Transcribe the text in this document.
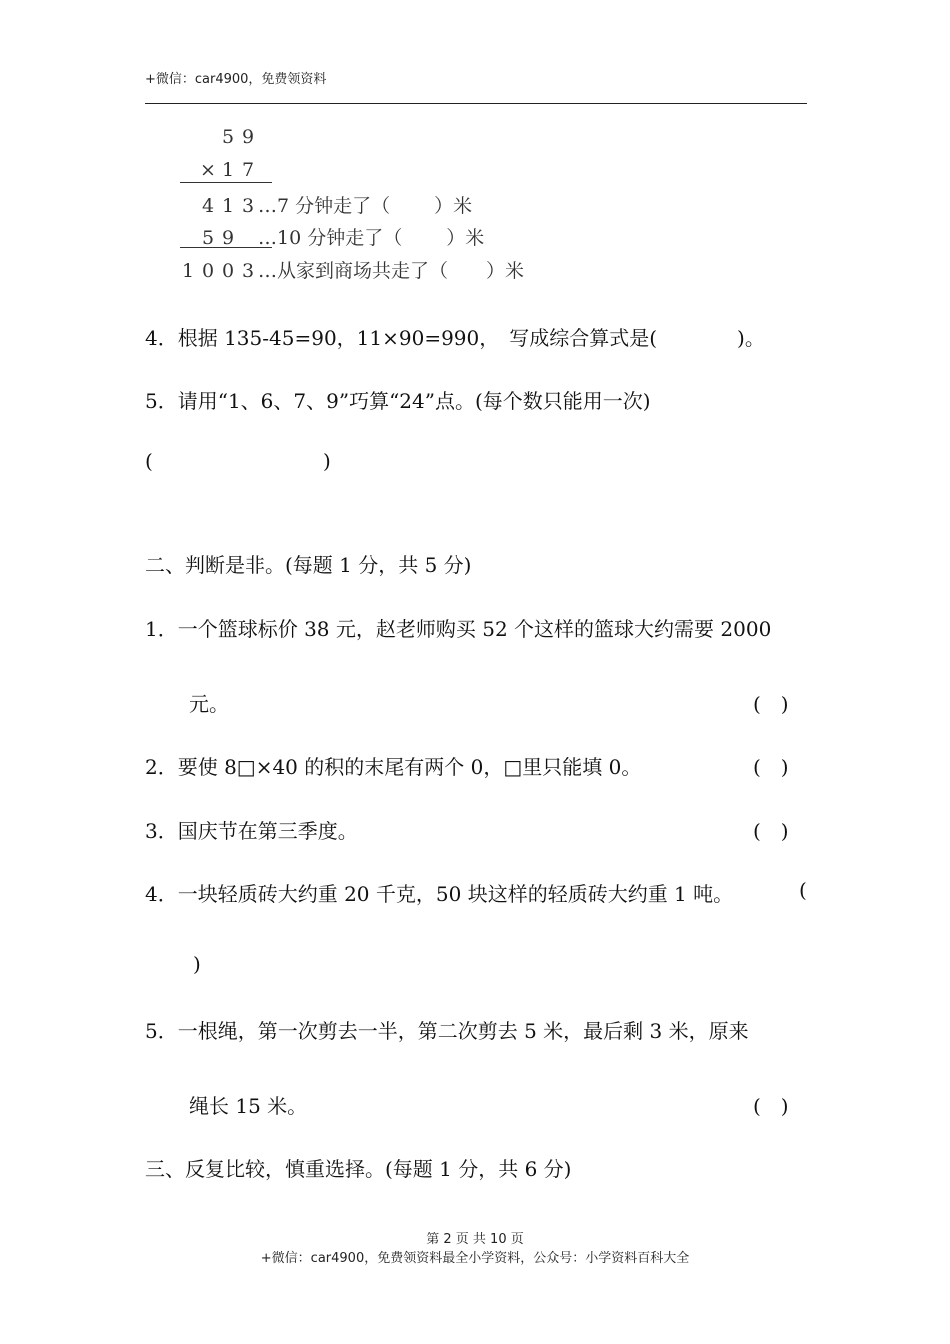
+微信：car4900，免费领资料
5 9
× 1 7
4 1 3 …7 分钟走了（　　 ）米
5 9 …10 分钟走了（　　 ）米
1 0 0 3 …从家到商场共走了（　　）米
4．根据 135-45=90，11×90=990，　写成综合算式是(　　　　)。
5．请用“1、6、7、9”巧算“24”点。(每个数只能用一次)
(	)
二、判断是非。(每题 1 分，共 5 分)
1．一个篮球标价 38 元，赵老师购买 52 个这样的篮球大约需要 2000
元。	(　)
2．要使 8□×40 的积的末尾有两个 0，□里只能填 0。	(　)
3．国庆节在第三季度。	(　)
4．一块轻质砖大约重 20 千克，50 块这样的轻质砖大约重 1 吨。	(
)
5．一根绳，第一次剪去一半，第二次剪去 5 米，最后剩 3 米，原来
绳长 15 米。	(　)
三、反复比较，慎重选择。(每题 1 分，共 6 分)
第 2 页 共 10 页
+微信：car4900，免费领资料最全小学资料，公众号：小学资料百科大全
